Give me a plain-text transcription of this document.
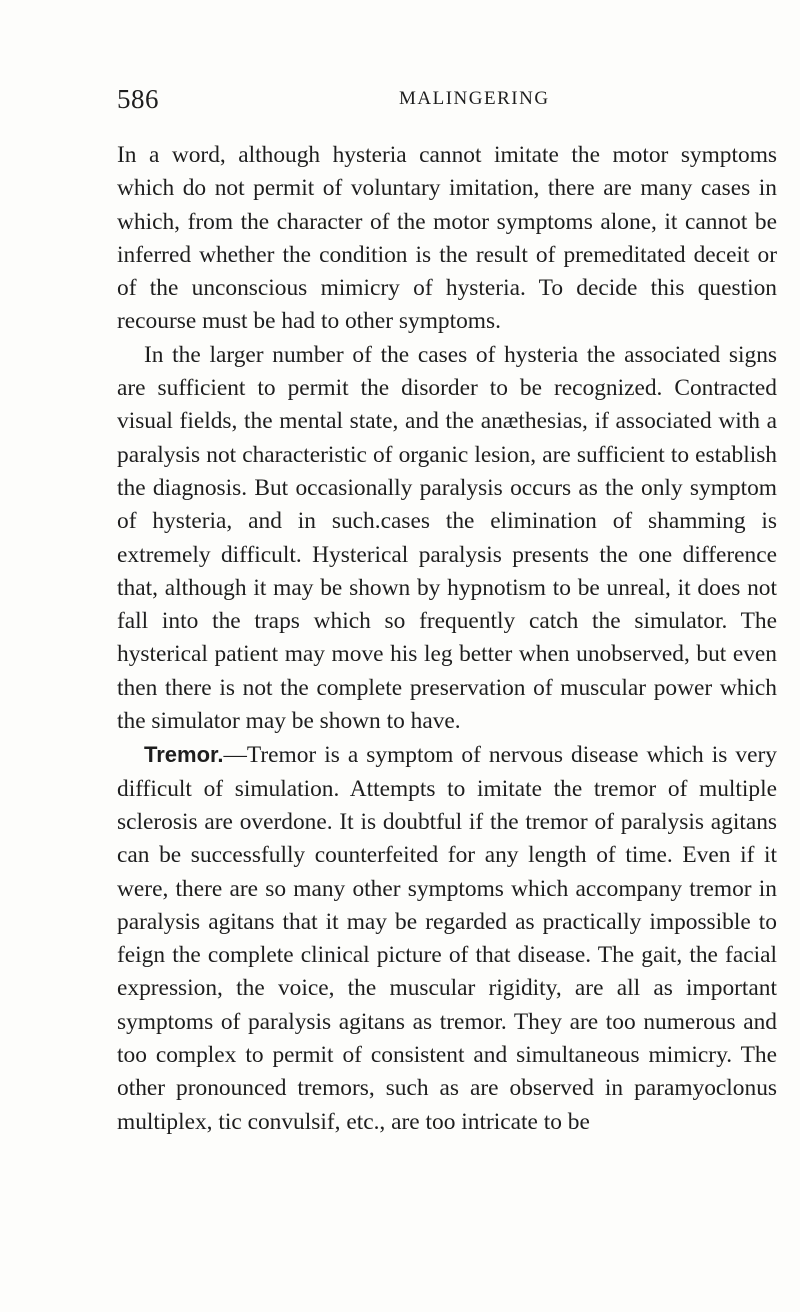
586	MALINGERING

In a word, although hysteria cannot imitate the motor symptoms which do not permit of voluntary imitation, there are many cases in which, from the character of the motor symptoms alone, it cannot be inferred whether the condition is the result of premeditated deceit or of the unconscious mimicry of hysteria. To decide this question recourse must be had to other symptoms.

In the larger number of the cases of hysteria the associated signs are sufficient to permit the disorder to be recognized. Contracted visual fields, the mental state, and the anæthesias, if associated with a paralysis not characteristic of organic lesion, are sufficient to establish the diagnosis. But occasionally paralysis occurs as the only symptom of hysteria, and in such.cases the elimination of shamming is extremely difficult. Hysterical paralysis presents the one difference that, although it may be shown by hypnotism to be unreal, it does not fall into the traps which so frequently catch the simulator. The hysterical patient may move his leg better when unobserved, but even then there is not the complete preservation of muscular power which the simulator may be shown to have.

Tremor.—Tremor is a symptom of nervous disease which is very difficult of simulation. Attempts to imitate the tremor of multiple sclerosis are overdone. It is doubtful if the tremor of paralysis agitans can be successfully counterfeited for any length of time. Even if it were, there are so many other symptoms which accompany tremor in paralysis agitans that it may be regarded as practically impossible to feign the complete clinical picture of that disease. The gait, the facial expression, the voice, the muscular rigidity, are all as important symptoms of paralysis agitans as tremor. They are too numerous and too complex to permit of consistent and simultaneous mimicry. The other pronounced tremors, such as are observed in paramyoclonus multiplex, tic convulsif, etc., are too intricate to be
